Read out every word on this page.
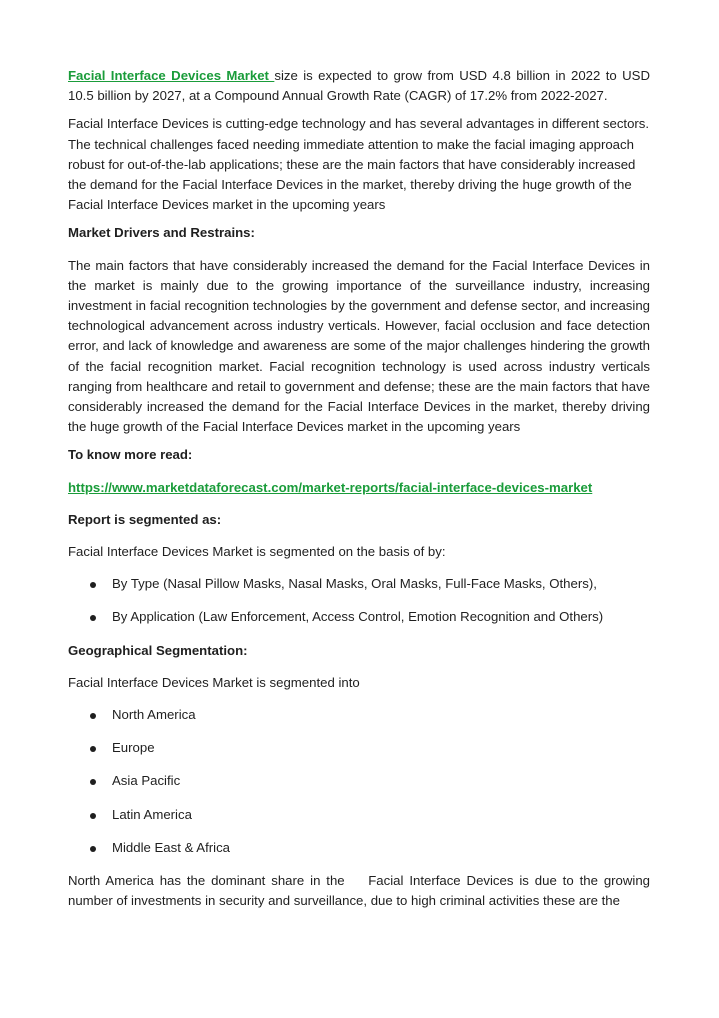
Facial Interface Devices Market size is expected to grow from USD 4.8 billion in 2022 to USD 10.5 billion by 2027, at a Compound Annual Growth Rate (CAGR) of 17.2% from 2022-2027.

Facial Interface Devices is cutting-edge technology and has several advantages in different sectors. The technical challenges faced needing immediate attention to make the facial imaging approach robust for out-of-the-lab applications; these are the main factors that have considerably increased the demand for the Facial Interface Devices in the market, thereby driving the huge growth of the Facial Interface Devices market in the upcoming years

Market Drivers and Restrains:

The main factors that have considerably increased the demand for the Facial Interface Devices in the market is mainly due to the growing importance of the surveillance industry, increasing investment in facial recognition technologies by the government and defense sector, and increasing technological advancement across industry verticals. However, facial occlusion and face detection error, and lack of knowledge and awareness are some of the major challenges hindering the growth of the facial recognition market. Facial recognition technology is used across industry verticals ranging from healthcare and retail to government and defense; these are the main factors that have considerably increased the demand for the Facial Interface Devices in the market, thereby driving the huge growth of the Facial Interface Devices market in the upcoming years

To know more read:

https://www.marketdataforecast.com/market-reports/facial-interface-devices-market

Report is segmented as:

Facial Interface Devices Market is segmented on the basis of by:

By Type (Nasal Pillow Masks, Nasal Masks, Oral Masks, Full-Face Masks, Others),
By Application (Law Enforcement, Access Control, Emotion Recognition and Others)

Geographical Segmentation:

Facial Interface Devices Market is segmented into

North America
Europe
Asia Pacific
Latin America
Middle East & Africa

North America has the dominant share in the    Facial Interface Devices is due to the growing number of investments in security and surveillance, due to high criminal activities these are the
